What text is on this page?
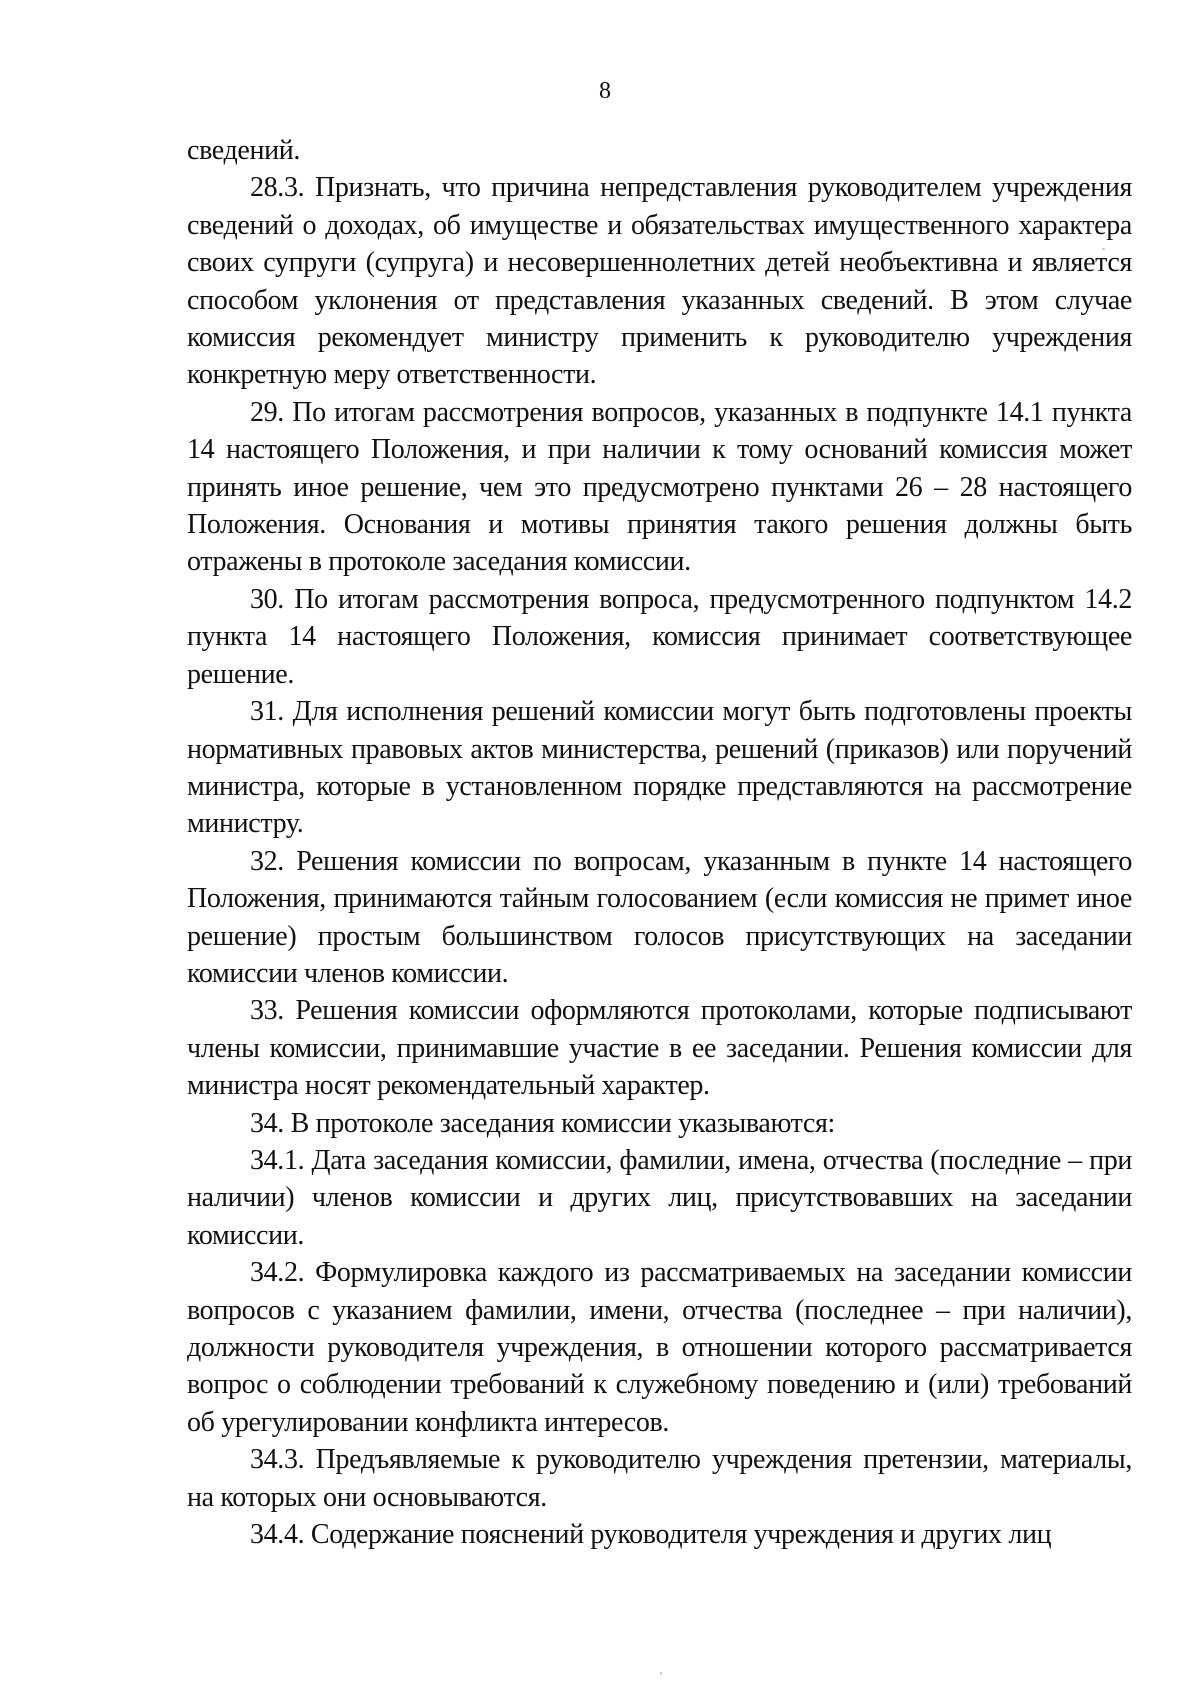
8

сведений.

28.3. Признать, что причина непредставления руководителем учреждения сведений о доходах, об имуществе и обязательствах имущественного характера своих супруги (супруга) и несовершеннолетних детей необъективна и является способом уклонения от представления указанных сведений. В этом случае комиссия рекомендует министру применить к руководителю учреждения конкретную меру ответственности.

29. По итогам рассмотрения вопросов, указанных в подпункте 14.1 пункта 14 настоящего Положения, и при наличии к тому оснований комиссия может принять иное решение, чем это предусмотрено пунктами 26 – 28 настоящего Положения. Основания и мотивы принятия такого решения должны быть отражены в протоколе заседания комиссии.

30. По итогам рассмотрения вопроса, предусмотренного подпунктом 14.2 пункта 14 настоящего Положения, комиссия принимает соответствующее решение.

31. Для исполнения решений комиссии могут быть подготовлены проекты нормативных правовых актов министерства, решений (приказов) или поручений министра, которые в установленном порядке представляются на рассмотрение министру.

32. Решения комиссии по вопросам, указанным в пункте 14 настоящего Положения, принимаются тайным голосованием (если комиссия не примет иное решение) простым большинством голосов присутствующих на заседании комиссии членов комиссии.

33. Решения комиссии оформляются протоколами, которые подписывают члены комиссии, принимавшие участие в ее заседании. Решения комиссии для министра носят рекомендательный характер.

34. В протоколе заседания комиссии указываются:

34.1. Дата заседания комиссии, фамилии, имена, отчества (последние – при наличии) членов комиссии и других лиц, присутствовавших на заседании комиссии.

34.2. Формулировка каждого из рассматриваемых на заседании комиссии вопросов с указанием фамилии, имени, отчества (последнее – при наличии), должности руководителя учреждения, в отношении которого рассматривается вопрос о соблюдении требований к служебному поведению и (или) требований об урегулировании конфликта интересов.

34.3. Предъявляемые к руководителю учреждения претензии, материалы, на которых они основываются.

34.4. Содержание пояснений руководителя учреждения и других лиц
